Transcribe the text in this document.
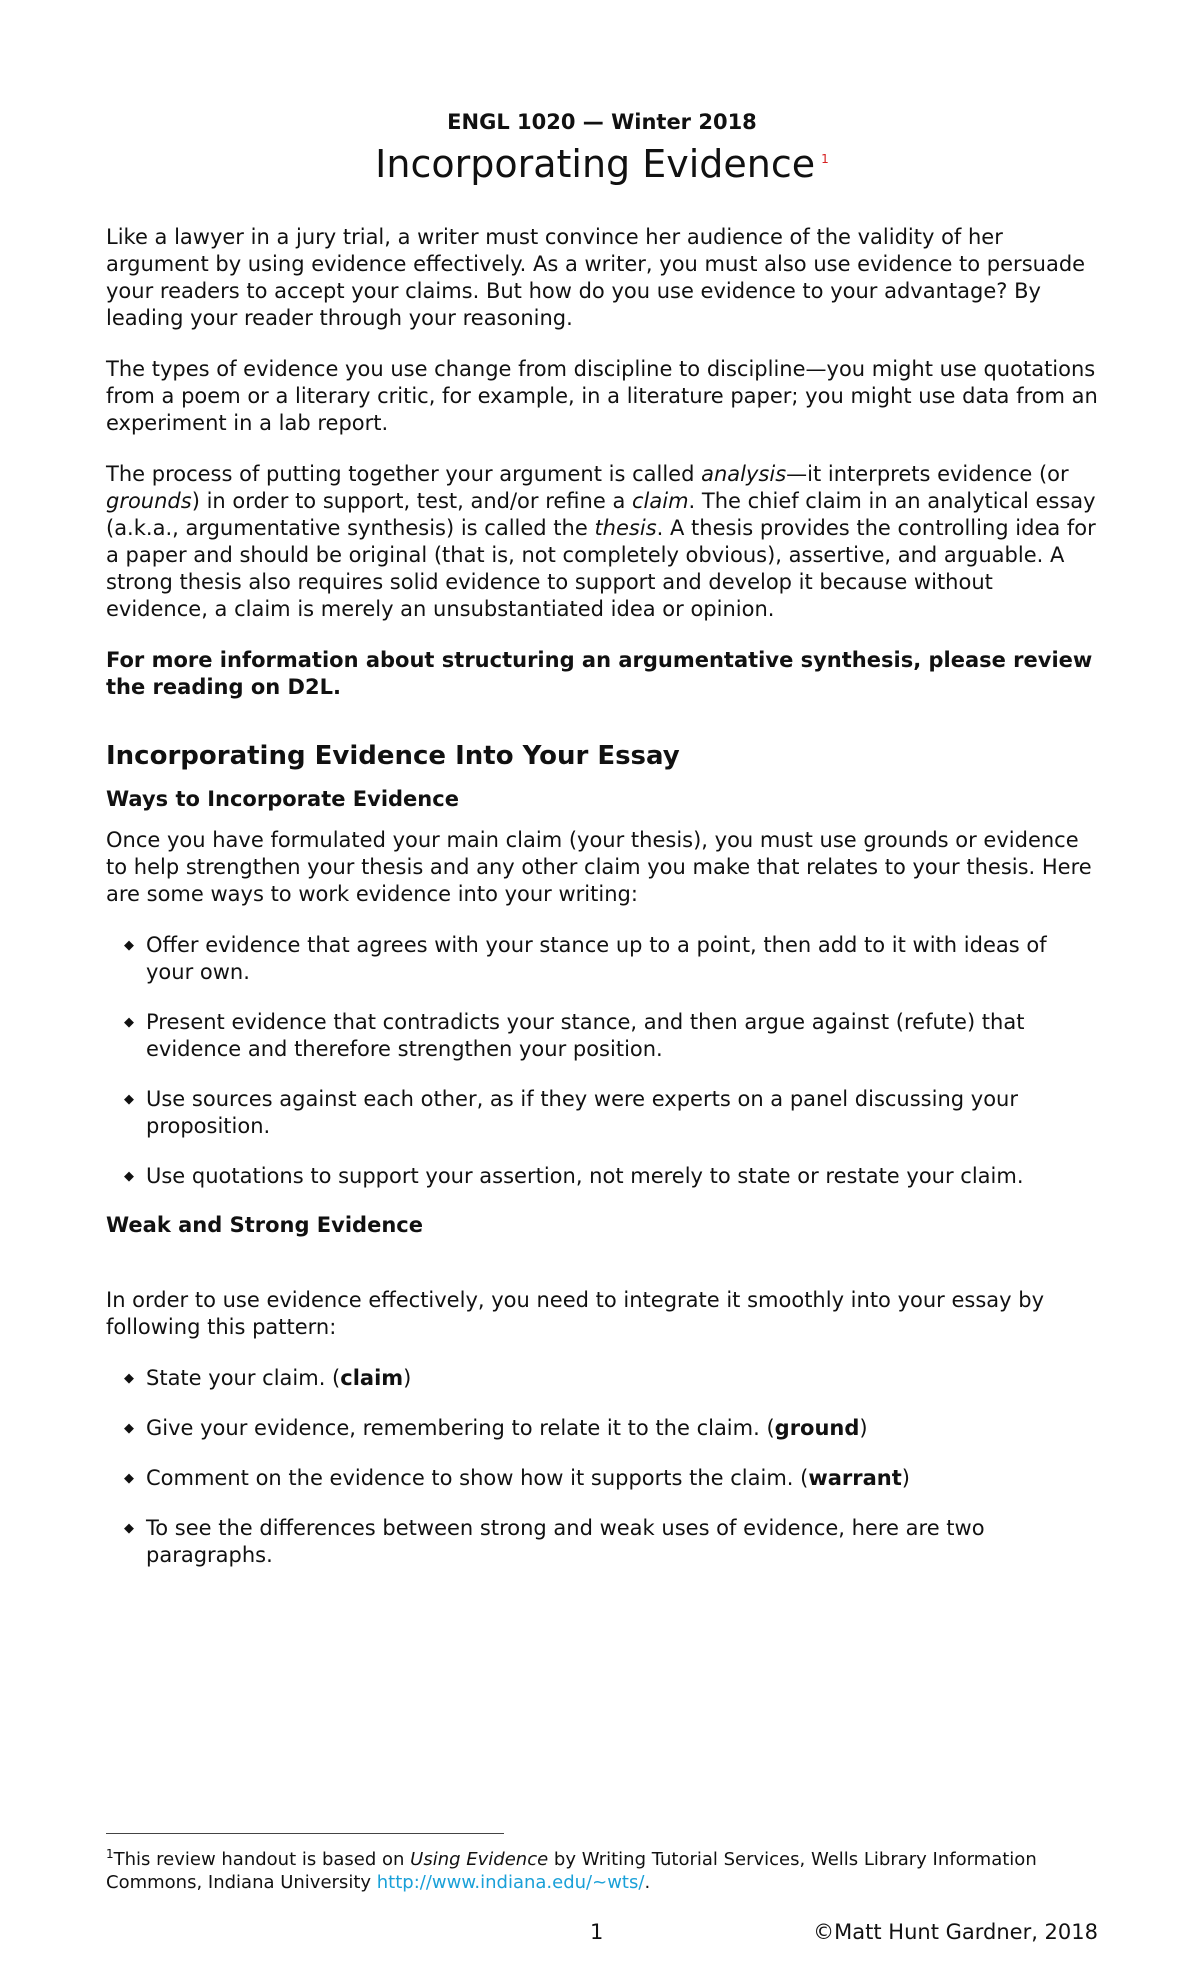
ENGL 1020 — Winter 2018
Incorporating Evidence $^1$

Like a lawyer in a jury trial, a writer must convince her audience of the validity of her argument by using evidence effectively. As a writer, you must also use evidence to persuade your readers to accept your claims. But how do you use evidence to your advantage? By leading your reader through your reasoning.

The types of evidence you use change from discipline to discipline—you might use quotations from a poem or a literary critic, for example, in a literature paper; you might use data from an experiment in a lab report.

The process of putting together your argument is called analysis—it interprets evidence (or grounds) in order to support, test, and/or refine a claim. The chief claim in an analytical essay (a.k.a., argumentative synthesis) is called the thesis. A thesis provides the controlling idea for a paper and should be original (that is, not completely obvious), assertive, and arguable. A strong thesis also requires solid evidence to support and develop it because without evidence, a claim is merely an unsubstantiated idea or opinion.

For more information about structuring an argumentative synthesis, please review the reading on D2L.

Incorporating Evidence Into Your Essay
Ways to Incorporate Evidence

Once you have formulated your main claim (your thesis), you must use grounds or evidence to help strengthen your thesis and any other claim you make that relates to your thesis. Here are some ways to work evidence into your writing:

◆ Offer evidence that agrees with your stance up to a point, then add to it with ideas of your own.
◆ Present evidence that contradicts your stance, and then argue against (refute) that evidence and therefore strengthen your position.
◆ Use sources against each other, as if they were experts on a panel discussing your proposition.
◆ Use quotations to support your assertion, not merely to state or restate your claim.
Weak and Strong Evidence

In order to use evidence effectively, you need to integrate it smoothly into your essay by following this pattern:

◆ State your claim. (claim)
◆ Give your evidence, remembering to relate it to the claim. (ground)
◆ Comment on the evidence to show how it supports the claim. (warrant)
◆ To see the differences between strong and weak uses of evidence, here are two paragraphs.
$^1$This review handout is based on Using Evidence by Writing Tutorial Services, Wells Library Information Commons, Indiana University http://www.indiana.edu/~wts/.
1	©Matt Hunt Gardner, 2018
